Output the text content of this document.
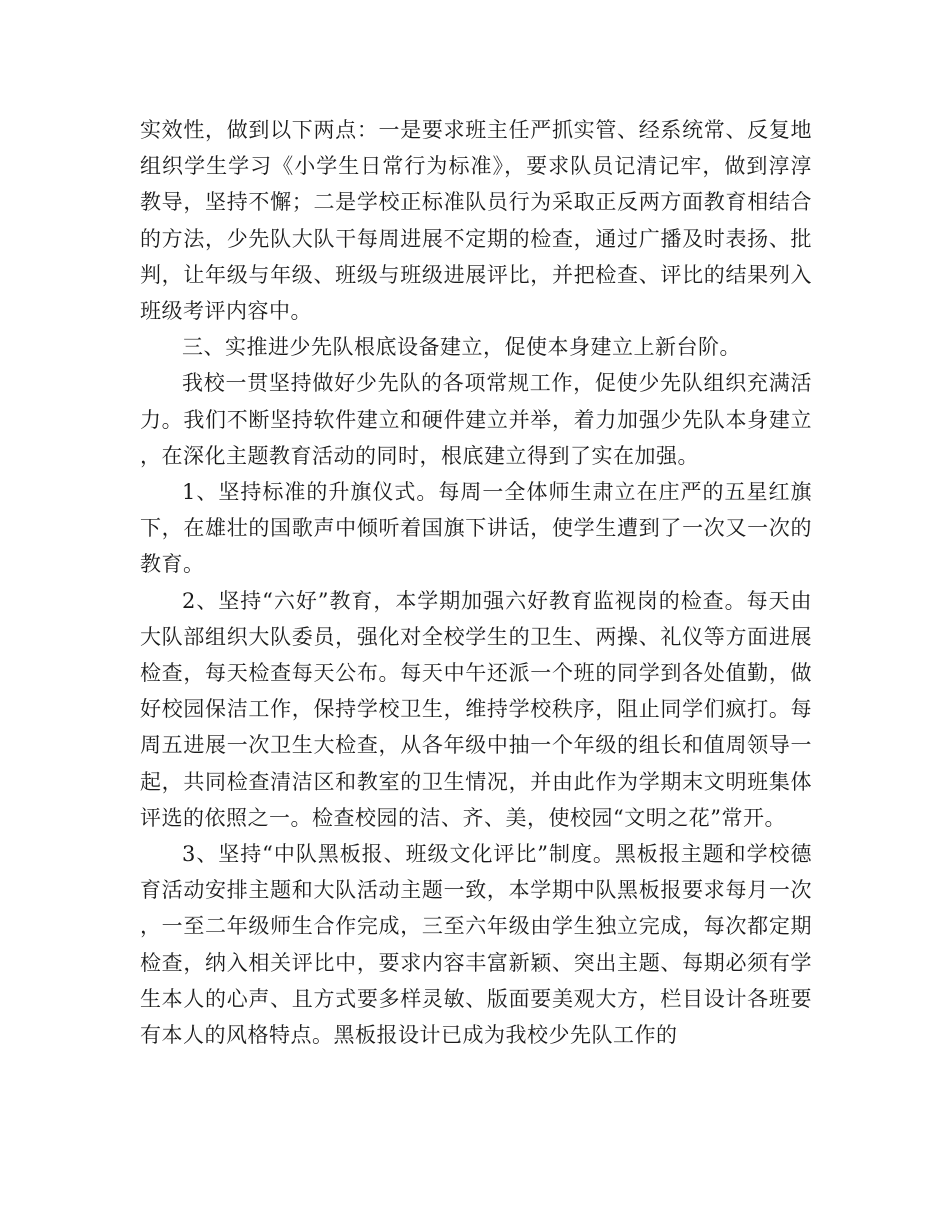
实效性，做到以下两点：一是要求班主任严抓实管、经系统常、反复地组织学生学习《小学生日常行为标准》，要求队员记清记牢，做到淳淳教导，坚持不懈；二是学校正标准队员行为采取正反两方面教育相结合的方法，少先队大队干每周进展不定期的检查，通过广播及时表扬、批判，让年级与年级、班级与班级进展评比，并把检查、评比的结果列入班级考评内容中。

三、实推进少先队根底设备建立，促使本身建立上新台阶。

我校一贯坚持做好少先队的各项常规工作，促使少先队组织充满活力。我们不断坚持软件建立和硬件建立并举，着力加强少先队本身建立，在深化主题教育活动的同时，根底建立得到了实在加强。

1、坚持标准的升旗仪式。每周一全体师生肃立在庄严的五星红旗下，在雄壮的国歌声中倾听着国旗下讲话，使学生遭到了一次又一次的教育。

2、坚持“六好”教育，本学期加强六好教育监视岗的检查。每天由大队部组织大队委员，强化对全校学生的卫生、两操、礼仪等方面进展检查，每天检查每天公布。每天中午还派一个班的同学到各处值勤，做好校园保洁工作，保持学校卫生，维持学校秩序，阻止同学们疯打。每周五进展一次卫生大检查，从各年级中抽一个年级的组长和值周领导一起，共同检查清洁区和教室的卫生情况，并由此作为学期末文明班集体评选的依照之一。检查校园的洁、齐、美，使校园“文明之花”常开。

3、坚持“中队黑板报、班级文化评比”制度。黑板报主题和学校德育活动安排主题和大队活动主题一致，本学期中队黑板报要求每月一次，一至二年级师生合作完成，三至六年级由学生独立完成，每次都定期检查，纳入相关评比中，要求内容丰富新颖、突出主题、每期必须有学生本人的心声、且方式要多样灵敏、版面要美观大方，栏目设计各班要有本人的风格特点。黑板报设计已成为我校少先队工作的
